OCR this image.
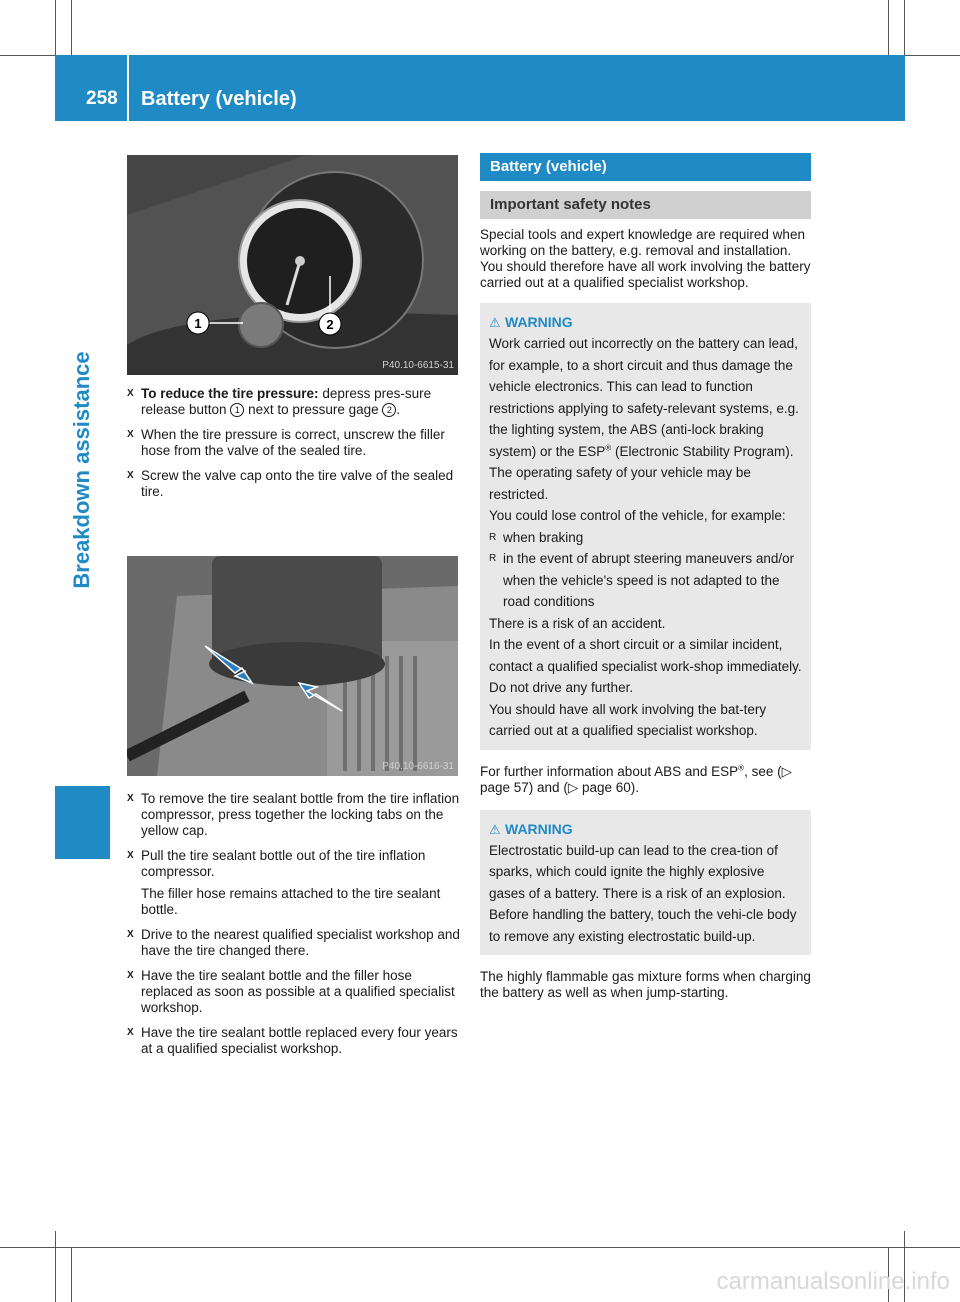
258 Battery (vehicle)
Breakdown assistance
1	2
P40.10-6615-31
X To reduce the tire pressure: depress pres-sure release button 1 next to pressure gage 2 .
X When the tire pressure is correct, unscrew the filler hose from the valve of the sealed tire.
X Screw the valve cap onto the tire valve of the sealed tire.
P40.10-6616-31
X To remove the tire sealant bottle from the tire inflation compressor, press together the locking tabs on the yellow cap.
X Pull the tire sealant bottle out of the tire inflation compressor.
The filler hose remains attached to the tire sealant bottle.
X Drive to the nearest qualified specialist workshop and have the tire changed there.
X Have the tire sealant bottle and the filler hose replaced as soon as possible at a qualified specialist workshop.
X Have the tire sealant bottle replaced every four years at a qualified specialist workshop.
Battery (vehicle)
Important safety notes

Special tools and expert knowledge are required when working on the battery, e.g. removal and installation. You should therefore have all work involving the battery carried out at a qualified specialist workshop.

⚠ WARNING
Work carried out incorrectly on the battery can lead, for example, to a short circuit and thus damage the vehicle electronics. This can lead to function restrictions applying to safety-relevant systems, e.g. the lighting system, the ABS (anti-lock braking system) or the ESP® (Electronic Stability Program). The operating safety of your vehicle may be restricted.
You could lose control of the vehicle, for example:
R when braking
R in the event of abrupt steering maneuvers and/or when the vehicle's speed is not adapted to the road conditions
There is a risk of an accident.
In the event of a short circuit or a similar incident, contact a qualified specialist work-shop immediately. Do not drive any further.
You should have all work involving the bat-tery carried out at a qualified specialist workshop.

For further information about ABS and ESP®, see (▷ page 57) and (▷ page 60).

⚠ WARNING
Electrostatic build-up can lead to the crea-tion of sparks, which could ignite the highly explosive gases of a battery. There is a risk of an explosion.
Before handling the battery, touch the vehi-cle body to remove any existing electrostatic build-up.

The highly flammable gas mixture forms when charging the battery as well as when jump-starting.

carmanualsonline.info
